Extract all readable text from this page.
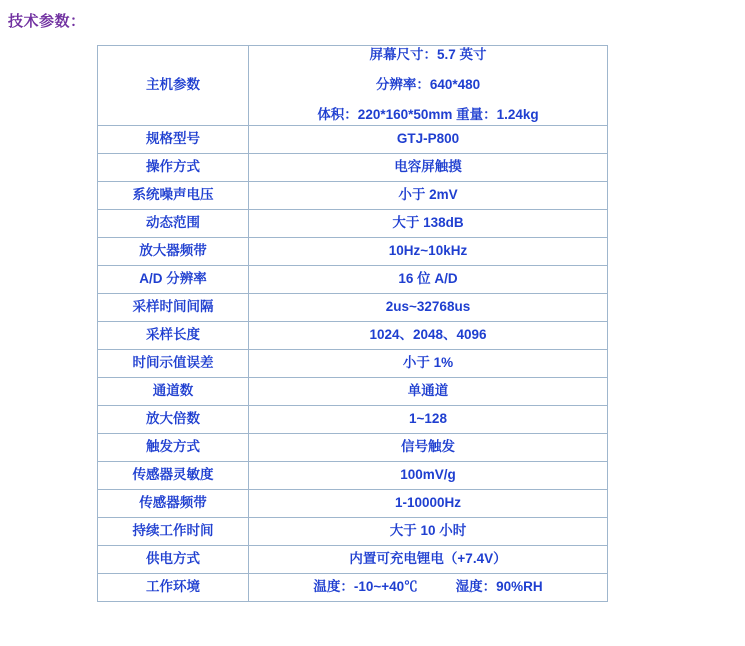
技术参数：
主机参数	屏幕尺寸：5.7 英寸
分辨率：640*480
体积：220*160*50mm 重量：1.24kg

规格型号	GTJ-P800
操作方式	电容屏触摸
系统噪声电压	小于 2mV
动态范围	大于 138dB
放大器频带	10Hz~10kHz
A/D 分辨率	16 位 A/D
采样时间间隔	2us~32768us
采样长度	1024、2048、4096
时间示值误差	小于 1%
通道数	单通道
放大倍数	1~128
触发方式	信号触发
传感器灵敏度	100mV/g
传感器频带	1-10000Hz
持续工作时间	大于 10 小时
供电方式	内置可充电锂电（+7.4V）
工作环境	温度：-10~+40℃ 湿度：90%RH
